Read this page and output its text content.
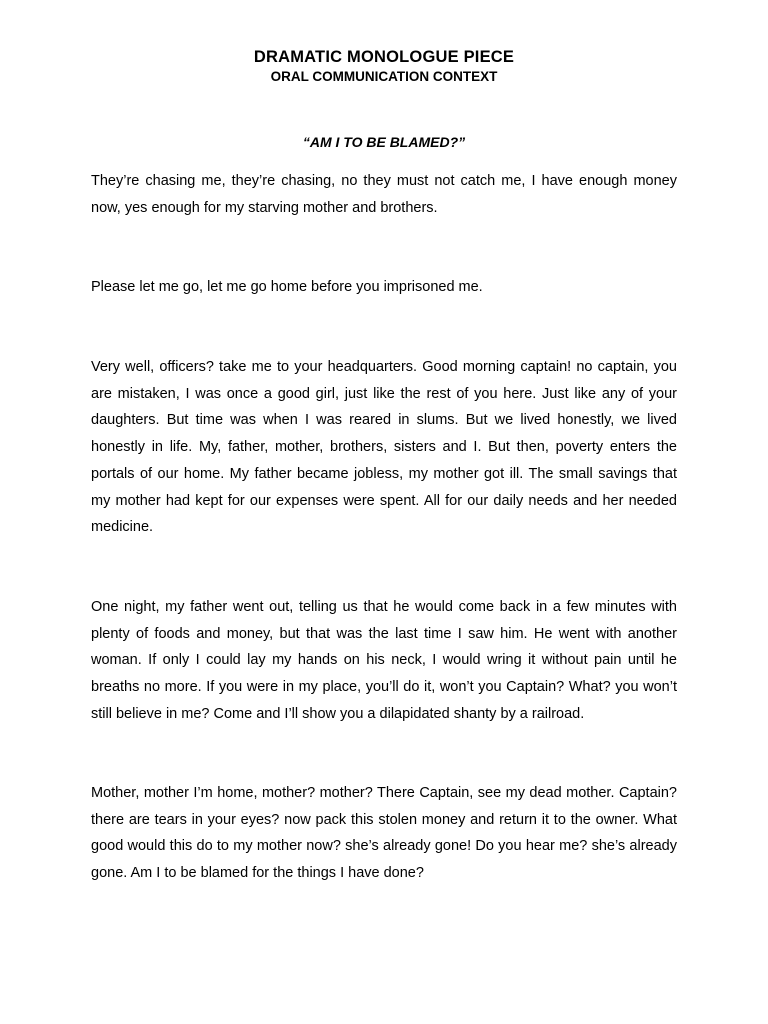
DRAMATIC MONOLOGUE PIECE
ORAL COMMUNICATION CONTEXT
“AM I TO BE BLAMED?”

They’re chasing me, they’re chasing, no they must not catch me, I have enough money now, yes enough for my starving mother and brothers.

Please let me go, let me go home before you imprisoned me.

Very well, officers? take me to your headquarters. Good morning captain! no captain, you are mistaken, I was once a good girl, just like the rest of you here. Just like any of your daughters. But time was when I was reared in slums. But we lived honestly, we lived honestly in life. My, father, mother, brothers, sisters and I. But then, poverty enters the portals of our home. My father became jobless, my mother got ill. The small savings that my mother had kept for our expenses were spent. All for our daily needs and her needed medicine.

One night, my father went out, telling us that he would come back in a few minutes with plenty of foods and money, but that was the last time I saw him. He went with another woman. If only I could lay my hands on his neck, I would wring it without pain until he breaths no more. If you were in my place, you’ll do it, won’t you Captain? What? you won’t still believe in me? Come and I’ll show you a dilapidated shanty by a railroad.

Mother, mother I’m home, mother? mother? There Captain, see my dead mother. Captain? there are tears in your eyes? now pack this stolen money and return it to the owner. What good would this do to my mother now? she’s already gone! Do you hear me? she’s already gone. Am I to be blamed for the things I have done?
